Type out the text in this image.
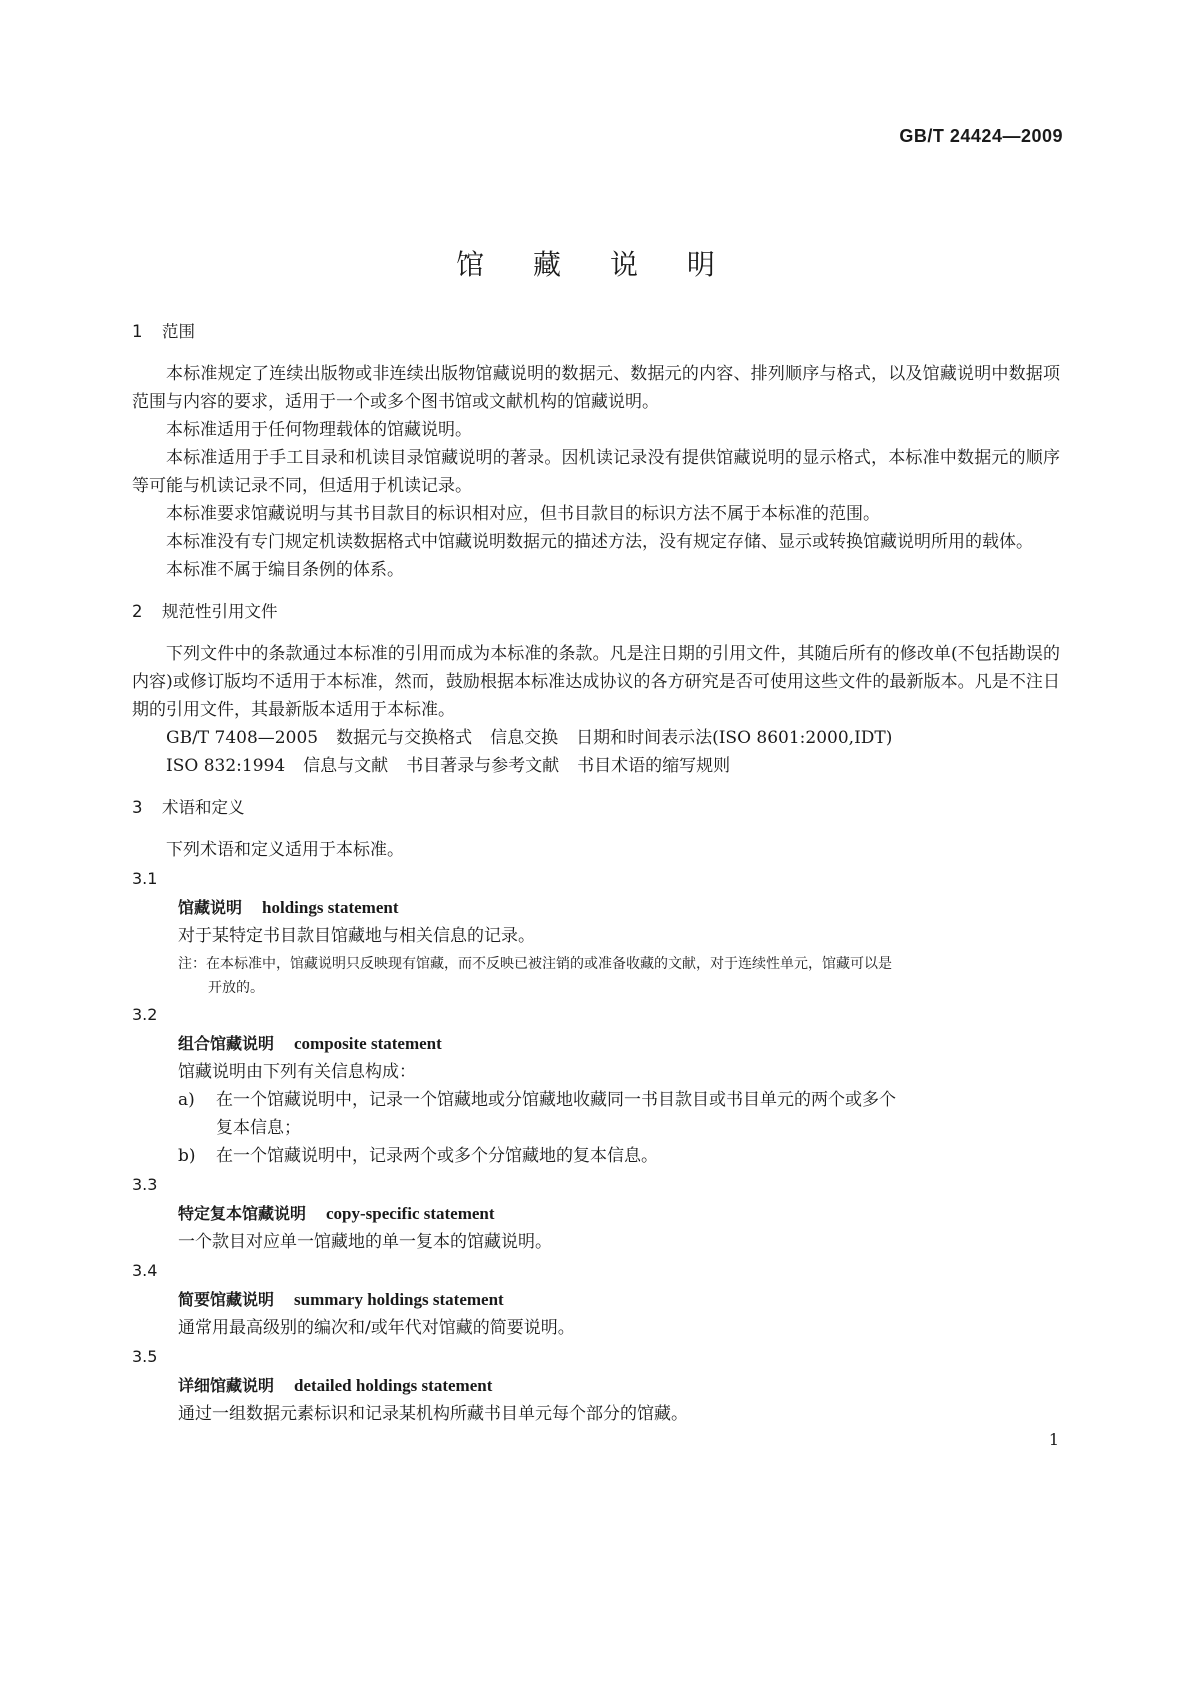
GB/T 24424—2009
馆 藏 说 明
1 范围

本标准规定了连续出版物或非连续出版物馆藏说明的数据元、数据元的内容、排列顺序与格式，以及馆藏说明中数据项范围与内容的要求，适用于一个或多个图书馆或文献机构的馆藏说明。

本标准适用于任何物理载体的馆藏说明。

本标准适用于手工目录和机读目录馆藏说明的著录。因机读记录没有提供馆藏说明的显示格式，本标准中数据元的顺序等可能与机读记录不同，但适用于机读记录。

本标准要求馆藏说明与其书目款目的标识相对应，但书目款目的标识方法不属于本标准的范围。

本标准没有专门规定机读数据格式中馆藏说明数据元的描述方法，没有规定存储、显示或转换馆藏说明所用的载体。

本标准不属于编目条例的体系。

2 规范性引用文件

下列文件中的条款通过本标准的引用而成为本标准的条款。凡是注日期的引用文件，其随后所有的修改单(不包括勘误的内容)或修订版均不适用于本标准，然而，鼓励根据本标准达成协议的各方研究是否可使用这些文件的最新版本。凡是不注日期的引用文件，其最新版本适用于本标准。

GB/T 7408—2005 数据元与交换格式 信息交换 日期和时间表示法(ISO 8601:2000,IDT)

ISO 832:1994 信息与文献 书目著录与参考文献 书目术语的缩写规则

3 术语和定义

下列术语和定义适用于本标准。

3.1

馆藏说明 holdings statement

对于某特定书目款目馆藏地与相关信息的记录。

注：在本标准中，馆藏说明只反映现有馆藏，而不反映已被注销的或准备收藏的文献，对于连续性单元，馆藏可以是
开放的。

3.2

组合馆藏说明 composite statement

馆藏说明由下列有关信息构成：

a) 在一个馆藏说明中，记录一个馆藏地或分馆藏地收藏同一书目款目或书目单元的两个或多个
复本信息；

b) 在一个馆藏说明中，记录两个或多个分馆藏地的复本信息。

3.3

特定复本馆藏说明 copy-specific statement

一个款目对应单一馆藏地的单一复本的馆藏说明。

3.4

简要馆藏说明 summary holdings statement

通常用最高级别的编次和/或年代对馆藏的简要说明。

3.5

详细馆藏说明 detailed holdings statement

通过一组数据元素标识和记录某机构所藏书目单元每个部分的馆藏。

1
